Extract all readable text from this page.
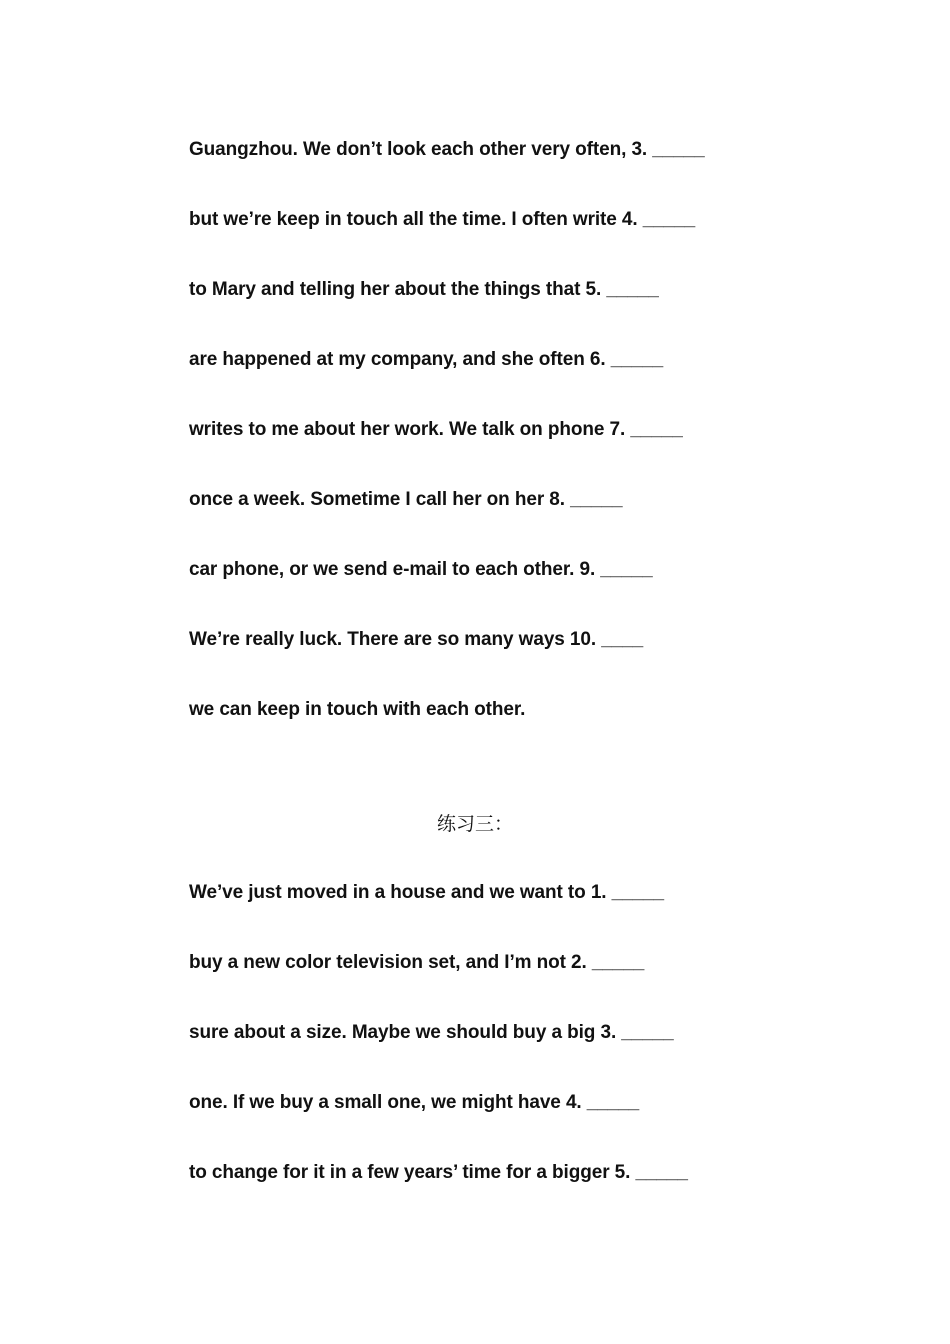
Guangzhou. We don’t look each other very often, 3. _____

but we’re keep in touch all the time. I often write 4. _____

to Mary and telling her about the things that 5. _____

are happened at my company, and she often 6. _____

writes to me about her work. We talk on phone 7. _____

once a week. Sometime I call her on her 8. _____

car phone, or we send e-mail to each other. 9. _____

We’re really luck. There are so many ways 10. ____

we can keep in touch with each other.

练习三：

We’ve just moved in a house and we want to 1. _____

buy a new color television set, and I’m not 2. _____

sure about a size. Maybe we should buy a big 3. _____

one. If we buy a small one, we might have 4. _____

to change for it in a few years’ time for a bigger 5. _____
